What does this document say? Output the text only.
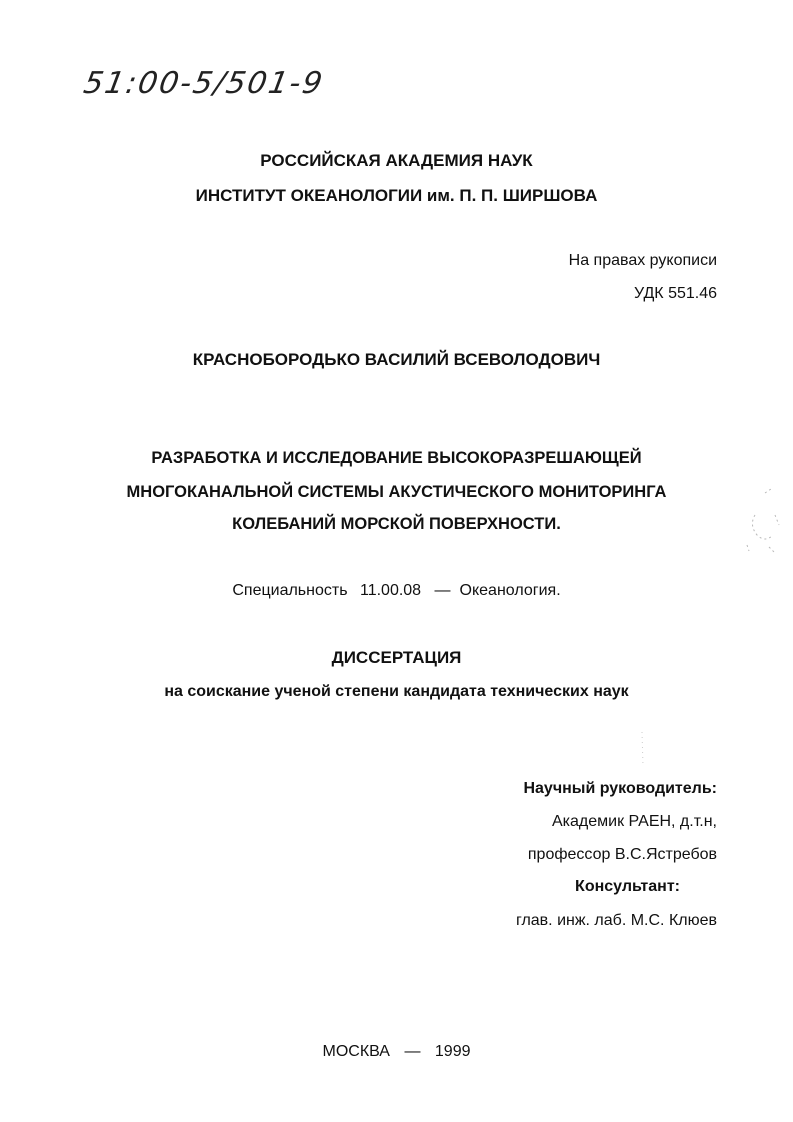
51:00-5/501-9
РОССИЙСКАЯ АКАДЕМИЯ НАУК
ИНСТИТУТ ОКЕАНОЛОГИИ им. П. П. ШИРШОВА
На правах рукописи
УДК 551.46
КРАСНОБОРОДЬКО ВАСИЛИЙ ВСЕВОЛОДОВИЧ
РАЗРАБОТКА И ИССЛЕДОВАНИЕ ВЫСОКОРАЗРЕШАЮЩЕЙ
МНОГОКАНАЛЬНОЙ СИСТЕМЫ АКУСТИЧЕСКОГО МОНИТОРИНГА
КОЛЕБАНИЙ МОРСКОЙ ПОВЕРХНОСТИ.
Специальность 11.00.08 — Океанология.
ДИССЕРТАЦИЯ
на соискание ученой степени кандидата технических наук
Научный руководитель:
Академик РАЕН, д.т.н,
профессор В.С.Ястребов
Консультант:
глав. инж. лаб. М.С. Клюев
МОСКВА — 1999
